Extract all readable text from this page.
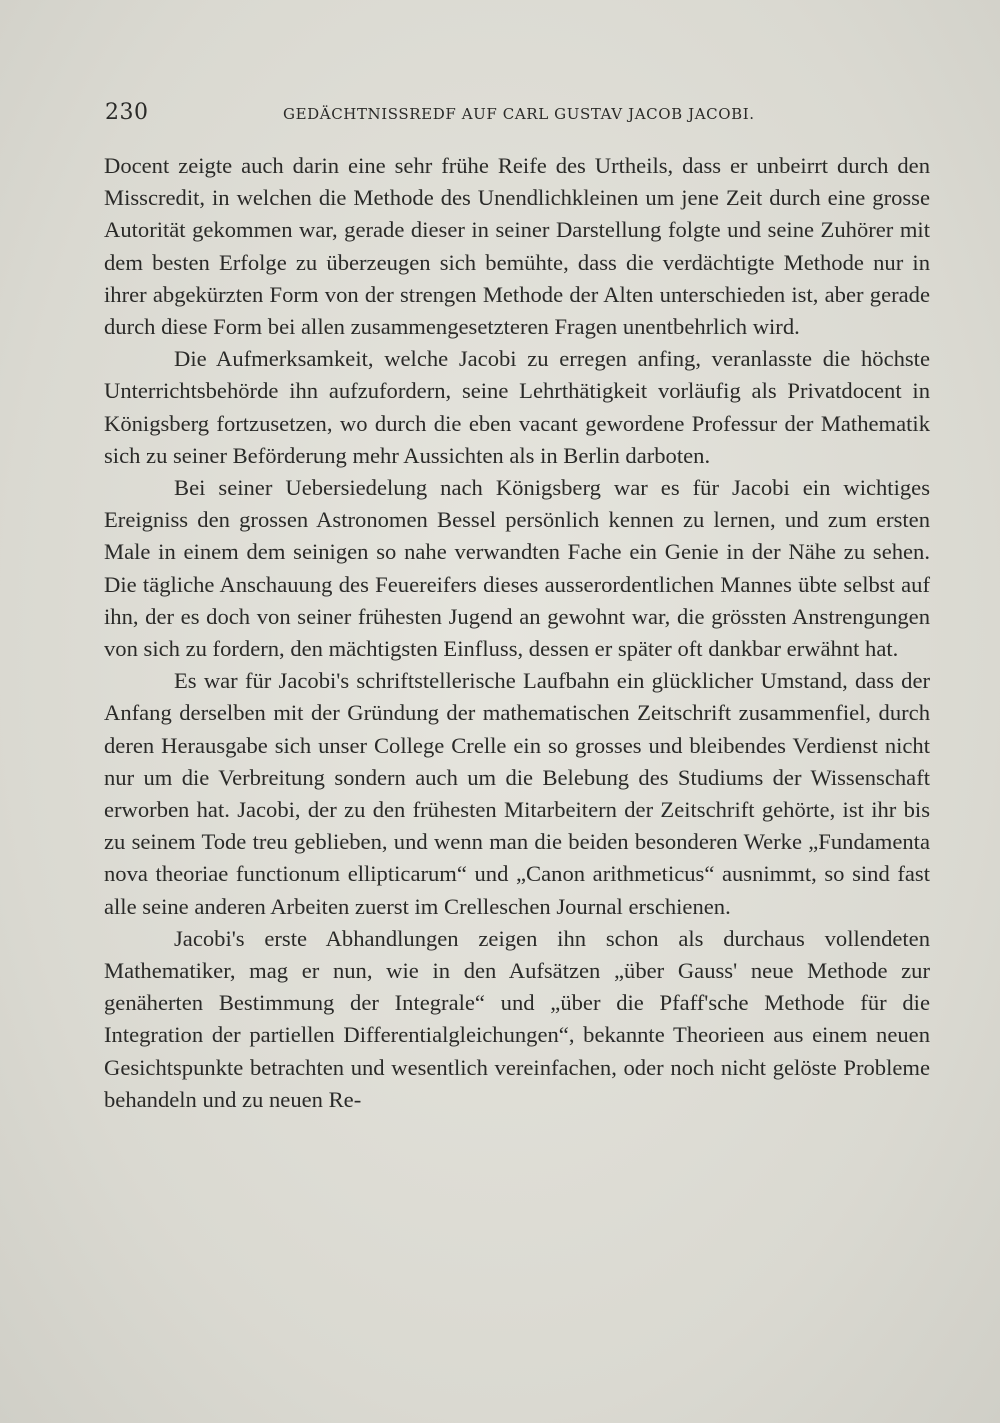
230	GEDÄCHTNISSREDF AUF CARL GUSTAV JACOB JACOBI.

Docent zeigte auch darin eine sehr frühe Reife des Urtheils, dass er unbeirrt durch den Misscredit, in welchen die Methode des Unendlichkleinen um jene Zeit durch eine grosse Autorität gekommen war, gerade dieser in seiner Darstellung folgte und seine Zuhörer mit dem besten Erfolge zu überzeugen sich bemühte, dass die verdächtigte Methode nur in ihrer abgekürzten Form von der strengen Methode der Alten unterschieden ist, aber gerade durch diese Form bei allen zusammengesetzteren Fragen unentbehrlich wird.

Die Aufmerksamkeit, welche Jacobi zu erregen anfing, veranlasste die höchste Unterrichtsbehörde ihn aufzufordern, seine Lehrthätigkeit vorläufig als Privatdocent in Königsberg fortzusetzen, wo durch die eben vacant gewordene Professur der Mathematik sich zu seiner Beförderung mehr Aussichten als in Berlin darboten.

Bei seiner Uebersiedelung nach Königsberg war es für Jacobi ein wichtiges Ereigniss den grossen Astronomen Bessel persönlich kennen zu lernen, und zum ersten Male in einem dem seinigen so nahe verwandten Fache ein Genie in der Nähe zu sehen. Die tägliche Anschauung des Feuereifers dieses ausserordentlichen Mannes übte selbst auf ihn, der es doch von seiner frühesten Jugend an gewohnt war, die grössten Anstrengungen von sich zu fordern, den mächtigsten Einfluss, dessen er später oft dankbar erwähnt hat.

Es war für Jacobi's schriftstellerische Laufbahn ein glücklicher Umstand, dass der Anfang derselben mit der Gründung der mathematischen Zeitschrift zusammenfiel, durch deren Herausgabe sich unser College Crelle ein so grosses und bleibendes Verdienst nicht nur um die Verbreitung sondern auch um die Belebung des Studiums der Wissenschaft erworben hat. Jacobi, der zu den frühesten Mitarbeitern der Zeitschrift gehörte, ist ihr bis zu seinem Tode treu geblieben, und wenn man die beiden besonderen Werke „Fundamenta nova theoriae functionum ellipticarum“ und „Canon arithmeticus“ ausnimmt, so sind fast alle seine anderen Arbeiten zuerst im Crelleschen Journal erschienen.

Jacobi's erste Abhandlungen zeigen ihn schon als durchaus vollendeten Mathematiker, mag er nun, wie in den Aufsätzen „über Gauss' neue Methode zur genäherten Bestimmung der Integrale“ und „über die Pfaff'sche Methode für die Integration der partiellen Differentialgleichungen“, bekannte Theorieen aus einem neuen Gesichtspunkte betrachten und wesentlich vereinfachen, oder noch nicht gelöste Probleme behandeln und zu neuen Re-
